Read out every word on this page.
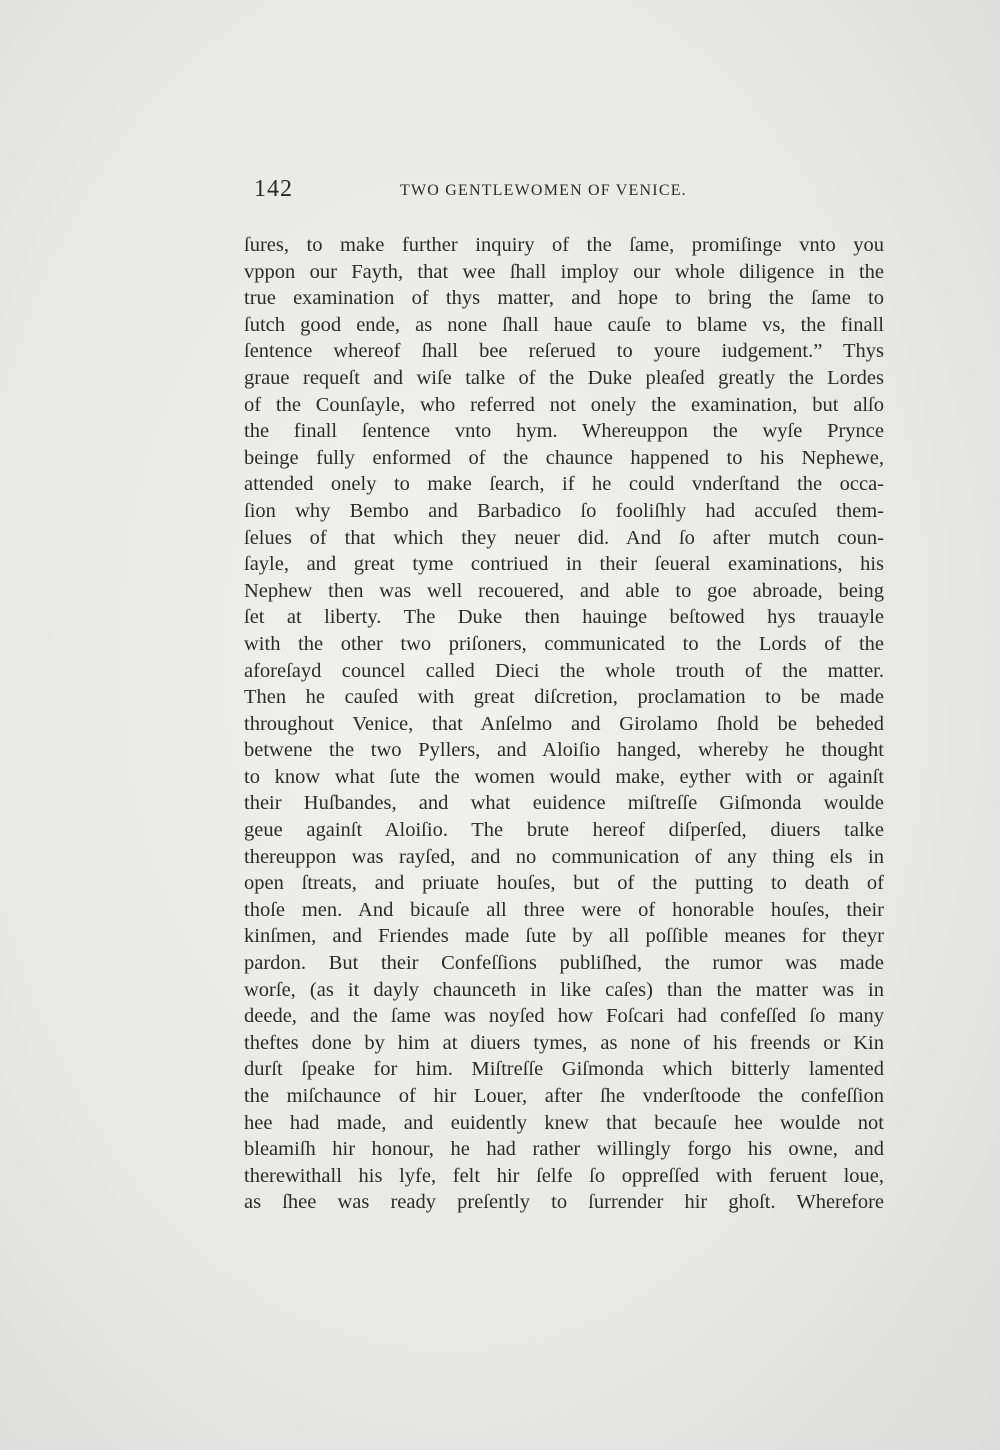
142	TWO GENTLEWOMEN OF VENICE.
ſures, to make further inquiry of the ſame, promiſinge vnto you
vppon our Fayth, that wee ſhall imploy our whole diligence in the
true examination of thys matter, and hope to bring the ſame to
ſutch good ende, as none ſhall haue cauſe to blame vs, the finall
ſentence whereof ſhall bee reſerued to youre iudgement.” Thys
graue requeſt and wiſe talke of the Duke pleaſed greatly the Lordes
of the Counſayle, who referred not onely the examination, but alſo
the finall ſentence vnto hym. Whereuppon the wyſe Prynce
beinge fully enformed of the chaunce happened to his Nephewe,
attended onely to make ſearch, if he could vnderſtand the occa-
ſion why Bembo and Barbadico ſo fooliſhly had accuſed them-
ſelues of that which they neuer did. And ſo after mutch coun-
ſayle, and great tyme contriued in their ſeueral examinations, his
Nephew then was well recouered, and able to goe abroade, being
ſet at liberty. The Duke then hauinge beſtowed hys trauayle
with the other two priſoners, communicated to the Lords of the
aforeſayd councel called Dieci the whole trouth of the matter.
Then he cauſed with great diſcretion, proclamation to be made
throughout Venice, that Anſelmo and Girolamo ſhold be beheded
betwene the two Pyllers, and Aloiſio hanged, whereby he thought
to know what ſute the women would make, eyther with or againſt
their Huſbandes, and what euidence miſtreſſe Giſmonda woulde
geue againſt Aloiſio. The brute hereof diſperſed, diuers talke
thereuppon was rayſed, and no communication of any thing els in
open ſtreats, and priuate houſes, but of the putting to death of
thoſe men. And bicauſe all three were of honorable houſes, their
kinſmen, and Friendes made ſute by all poſſible meanes for theyr
pardon. But their Confeſſions publiſhed, the rumor was made
worſe, (as it dayly chaunceth in like caſes) than the matter was in
deede, and the ſame was noyſed how Foſcari had confeſſed ſo many
theftes done by him at diuers tymes, as none of his freends or Kin
durſt ſpeake for him. Miſtreſſe Giſmonda which bitterly lamented
the miſchaunce of hir Louer, after ſhe vnderſtoode the confeſſion
hee had made, and euidently knew that becauſe hee woulde not
bleamiſh hir honour, he had rather willingly forgo his owne, and
therewithall his lyfe, felt hir ſelfe ſo oppreſſed with feruent loue,
as ſhee was ready preſently to ſurrender hir ghoſt. Wherefore
